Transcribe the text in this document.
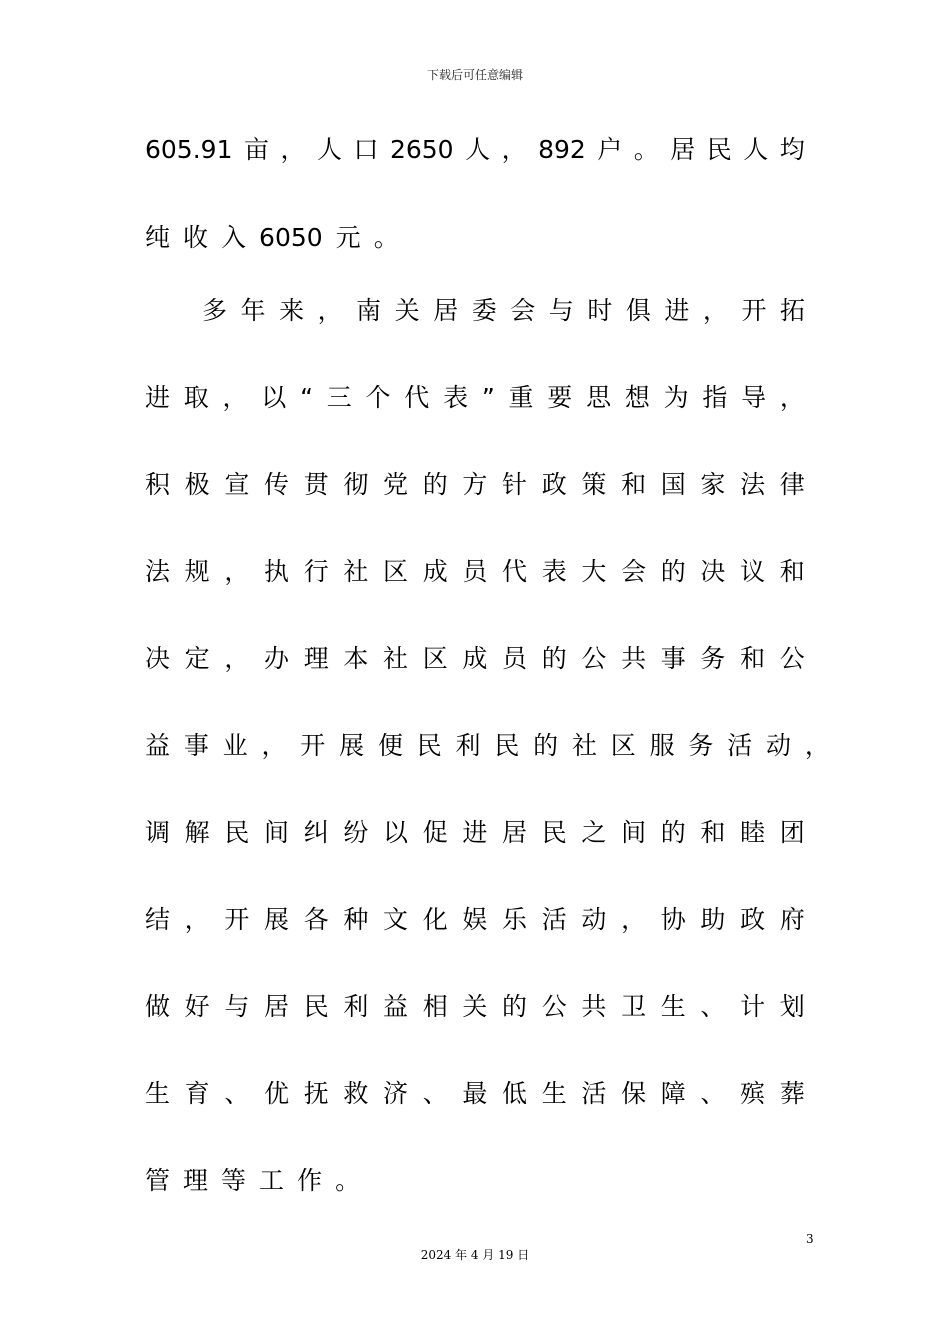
下载后可任意编辑
605.91 亩 ， 人 口 2650 人 ， 892 户 。 居 民 人 均
纯 收 入 6050 元 。
多 年 来 ， 南 关 居 委 会 与 时 俱 进 ， 开 拓
进 取 ， 以 “ 三 个 代 表 ” 重 要 思 想 为 指 导 ，
积 极 宣 传 贯 彻 党 的 方 针 政 策 和 国 家 法 律
法 规 ， 执 行 社 区 成 员 代 表 大 会 的 决 议 和
决 定 ， 办 理 本 社 区 成 员 的 公 共 事 务 和 公
益 事 业 ， 开 展 便 民 利 民 的 社 区 服 务 活 动 ，
调 解 民 间 纠 纷 以 促 进 居 民 之 间 的 和 睦 团
结 ， 开 展 各 种 文 化 娱 乐 活 动 ， 协 助 政 府
做 好 与 居 民 利 益 相 关 的 公 共 卫 生 、 计 划
生 育 、 优 抚 救 济 、 最 低 生 活 保 障 、 殡 葬
管 理 等 工 作 。
3
2024 年 4 月 19 日
